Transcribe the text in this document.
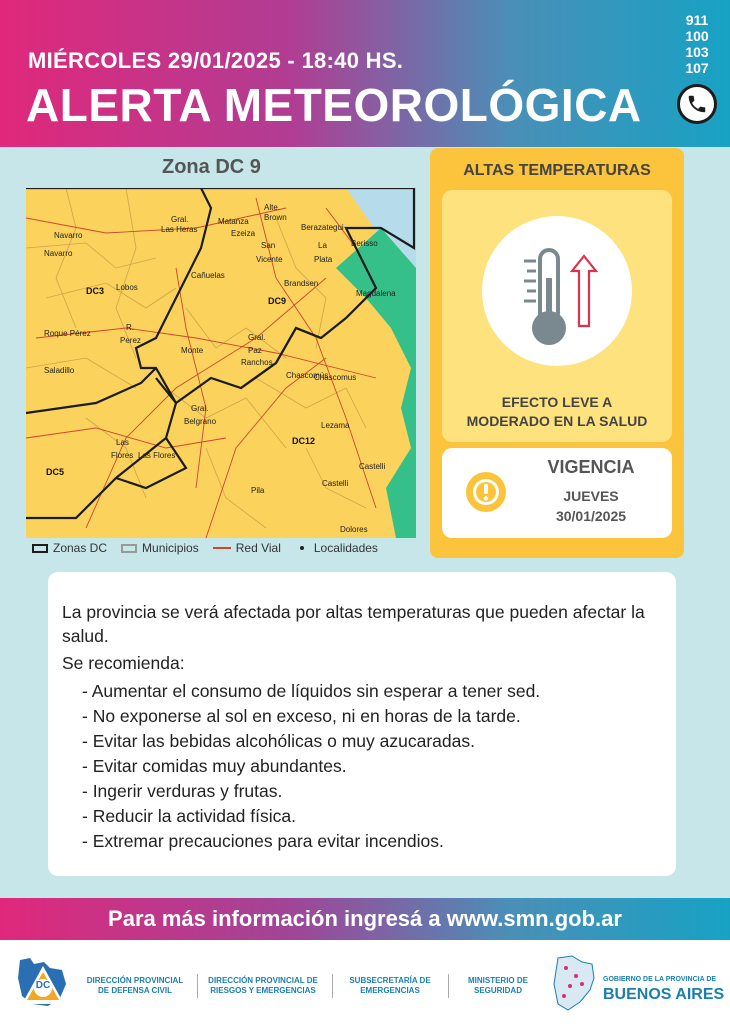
MIÉRCOLES 29/01/2025 - 18:40 HS.
ALERTA METEOROLÓGICA
911
100
103
107
Zona DC 9
DC3
DC9
DC12
DC5
Matanza
Alte.
Brown
Gral.
Las Heras	Ezeiza
Berazategui
Berisso
Navarro
Navarro
San
Vicente
La
Plata
Cañuelas
Lobos	Brandsen
Magdalena
Roque Pérez
R.
Perez
Monte
Gral.
Paz
Ranchos
Saladillo
Chascomús
Chascomus
Gral.
Belgrano	Lezama
Las
Flores Las Flores
Castelli
Castelli
Pila
Dolores
Zonas DC	Municipios	Red Vial	Localidades
ALTAS TEMPERATURAS
EFECTO LEVE A
MODERADO EN LA SALUD
VIGENCIA
JUEVES
30/01/2025
La provincia se verá afectada por altas temperaturas que pueden afectar la salud.
Se recomienda:
- Aumentar el consumo de líquidos sin esperar a tener sed.
- No exponerse al sol en exceso, ni en horas de la tarde.
- Evitar las bebidas alcohólicas o muy azucaradas.
- Evitar comidas muy abundantes.
- Ingerir verduras y frutas.
- Reducir la actividad física.
- Extremar precauciones para evitar incendios.
Para más información ingresá a www.smn.gob.ar
DC	DIRECCIÓN PROVINCIAL
DE DEFENSA CIVIL
DIRECCIÓN PROVINCIAL DE
RIESGOS Y EMERGENCIAS
SUBSECRETARÍA DE
EMERGENCIAS
MINISTERIO DE
SEGURIDAD
GOBIERNO DE LA PROVINCIA DE
BUENOS AIRES
